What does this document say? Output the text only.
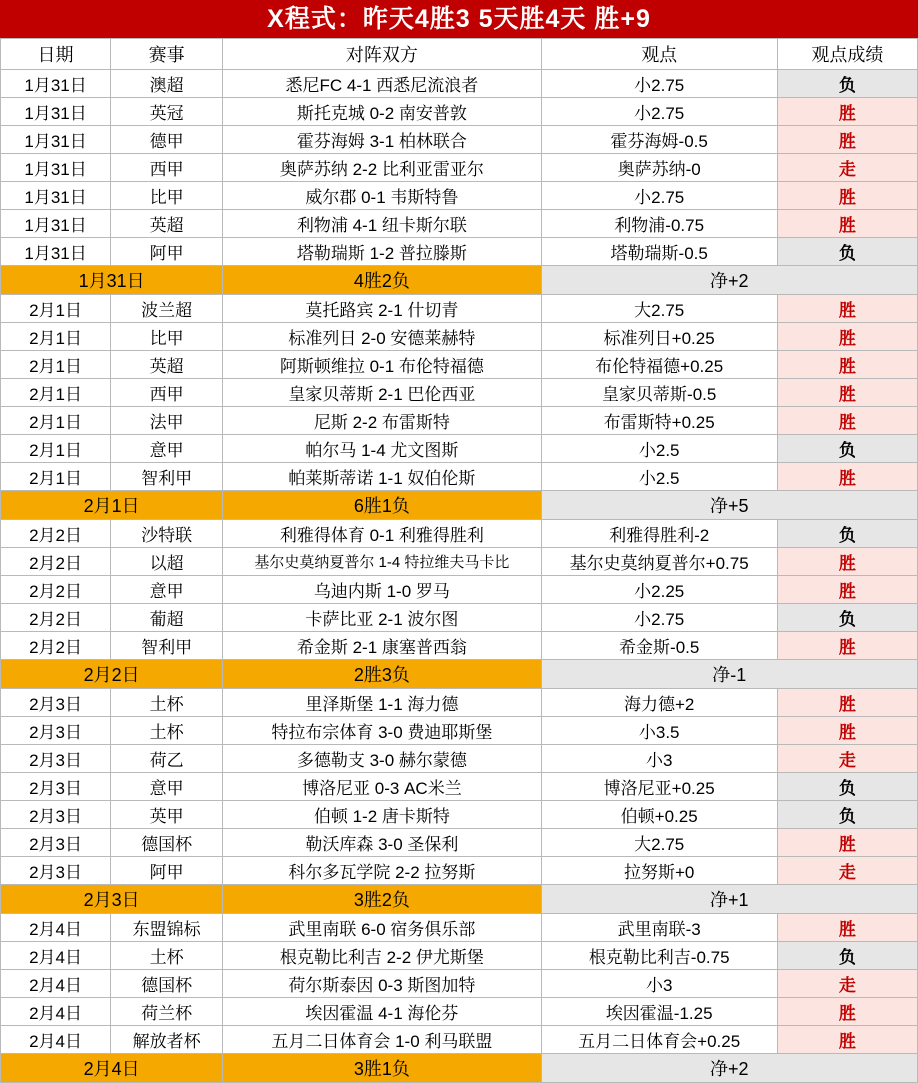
X程式：昨天4胜3 5天胜4天 胜+9
日期	赛事	对阵双方	观点	观点成绩
1月31日	澳超	悉尼FC 4-1 西悉尼流浪者	小2.75	负
1月31日	英冠	斯托克城 0-2 南安普敦	小2.75	胜
1月31日	德甲	霍芬海姆 3-1 柏林联合	霍芬海姆-0.5	胜
1月31日	西甲	奥萨苏纳 2-2 比利亚雷亚尔	奥萨苏纳-0	走
1月31日	比甲	威尔郡 0-1 韦斯特鲁	小2.75	胜
1月31日	英超	利物浦 4-1 纽卡斯尔联	利物浦-0.75	胜
1月31日	阿甲	塔勒瑞斯 1-2 普拉滕斯	塔勒瑞斯-0.5	负
1月31日		4胜2负	净+2	
2月1日	波兰超	莫托路宾 2-1 什切青	大2.75	胜
2月1日	比甲	标准列日 2-0 安德莱赫特	标准列日+0.25	胜
2月1日	英超	阿斯顿维拉 0-1 布伦特福德	布伦特福德+0.25	胜
2月1日	西甲	皇家贝蒂斯 2-1 巴伦西亚	皇家贝蒂斯-0.5	胜
2月1日	法甲	尼斯 2-2 布雷斯特	布雷斯特+0.25	胜
2月1日	意甲	帕尔马 1-4 尤文图斯	小2.5	负
2月1日	智利甲	帕莱斯蒂诺 1-1 奴伯伦斯	小2.5	胜
2月1日		6胜1负	净+5	
2月2日	沙特联	利雅得体育 0-1 利雅得胜利	利雅得胜利-2	负
2月2日	以超	基尔史莫纳夏普尔 1-4 特拉维夫马卡比	基尔史莫纳夏普尔+0.75	胜
2月2日	意甲	乌迪内斯 1-0 罗马	小2.25	胜
2月2日	葡超	卡萨比亚 2-1 波尔图	小2.75	负
2月2日	智利甲	希金斯 2-1 康塞普西翁	希金斯-0.5	胜
2月2日		2胜3负	净-1	
2月3日	土杯	里泽斯堡 1-1 海力德	海力德+2	胜
2月3日	土杯	特拉布宗体育 3-0 费迪耶斯堡	小3.5	胜
2月3日	荷乙	多德勒支 3-0 赫尔蒙德	小3	走
2月3日	意甲	博洛尼亚 0-3 AC米兰	博洛尼亚+0.25	负
2月3日	英甲	伯顿 1-2 唐卡斯特	伯顿+0.25	负
2月3日	德国杯	勒沃库森 3-0 圣保利	大2.75	胜
2月3日	阿甲	科尔多瓦学院 2-2 拉努斯	拉努斯+0	走
2月3日		3胜2负	净+1	
2月4日	东盟锦标	武里南联 6-0 宿务俱乐部	武里南联-3	胜
2月4日	土杯	根克勒比利吉 2-2 伊尤斯堡	根克勒比利吉-0.75	负
2月4日	德国杯	荷尔斯泰因 0-3 斯图加特	小3	走
2月4日	荷兰杯	埃因霍温 4-1 海伦芬	埃因霍温-1.25	胜
2月4日	解放者杯	五月二日体育会 1-0 利马联盟	五月二日体育会+0.25	胜
2月4日		3胜1负	净+2	
